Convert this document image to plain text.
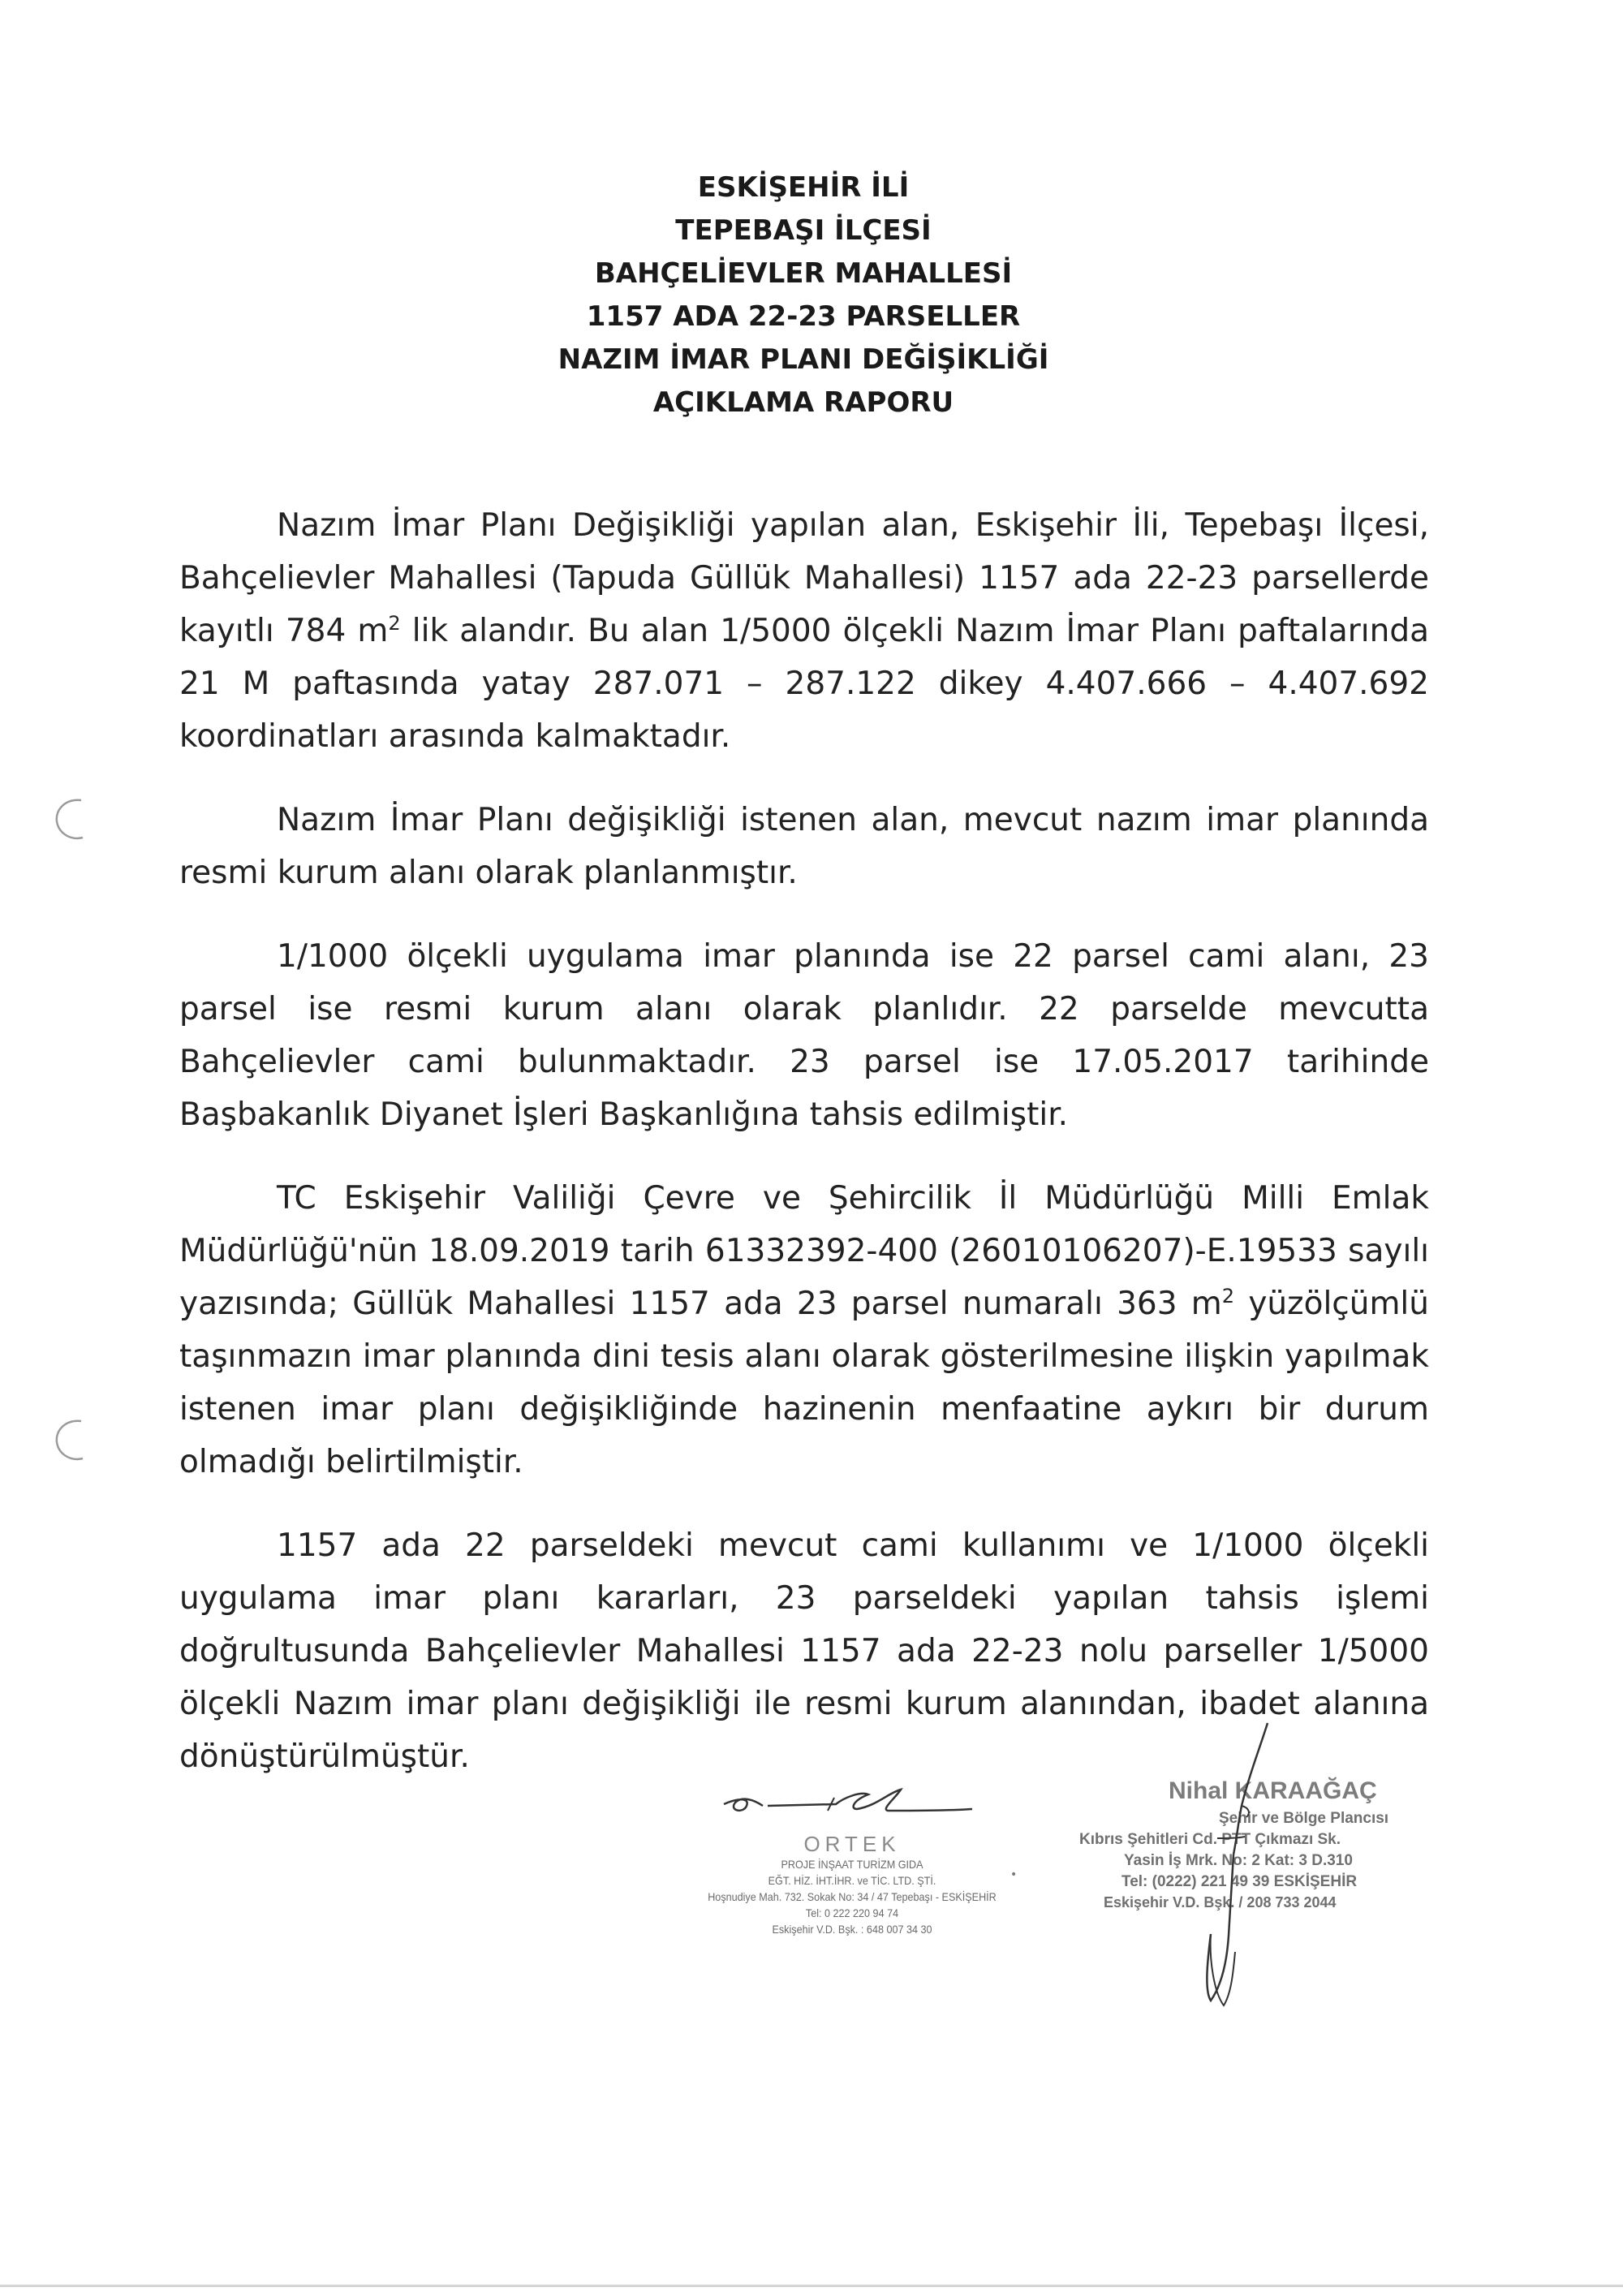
ESKİŞEHİR İLİ
TEPEBAŞI İLÇESİ
BAHÇELİEVLER MAHALLESİ
1157 ADA 22-23 PARSELLER
NAZIM İMAR PLANI DEĞİŞİKLİĞİ
AÇIKLAMA RAPORU

Nazım İmar Planı Değişikliği yapılan alan, Eskişehir İli, Tepebaşı İlçesi, Bahçelievler Mahallesi (Tapuda Güllük Mahallesi) 1157 ada 22-23 parsellerde kayıtlı 784 $m^2$ lik alandır. Bu alan 1/5000 ölçekli Nazım İmar Planı paftalarında 21 M paftasında yatay 287.071 – 287.122 dikey 4.407.666 – 4.407.692 koordinatları arasında kalmaktadır.

Nazım İmar Planı değişikliği istenen alan, mevcut nazım imar planında resmi kurum alanı olarak planlanmıştır.

1/1000 ölçekli uygulama imar planında ise 22 parsel cami alanı, 23 parsel ise resmi kurum alanı olarak planlıdır. 22 parselde mevcutta Bahçelievler cami bulunmaktadır. 23 parsel ise 17.05.2017 tarihinde Başbakanlık Diyanet İşleri Başkanlığına tahsis edilmiştir.

TC Eskişehir Valiliği Çevre ve Şehircilik İl Müdürlüğü Milli Emlak Müdürlüğü'nün 18.09.2019 tarih 61332392-400 (26010106207)-E.19533 sayılı yazısında; Güllük Mahallesi 1157 ada 23 parsel numaralı 363 $m^2$ yüzölçümlü taşınmazın imar planında dini tesis alanı olarak gösterilmesine ilişkin yapılmak istenen imar planı değişikliğinde hazinenin menfaatine aykırı bir durum olmadığı belirtilmiştir.

1157 ada 22 parseldeki mevcut cami kullanımı ve 1/1000 ölçekli uygulama imar planı kararları, 23 parseldeki yapılan tahsis işlemi doğrultusunda Bahçelievler Mahallesi 1157 ada 22-23 nolu parseller 1/5000 ölçekli Nazım imar planı değişikliği ile resmi kurum alanından, ibadet alanına dönüştürülmüştür.

ORTEK
PROJE İNŞAAT TURİZM GIDA
EĞT. HİZ. İHT.İHR. ve TİC. LTD. ŞTİ.
Hoşnudiye Mah. 732. Sokak No: 34 / 47 Tepebaşı - ESKİŞEHİR
Tel: 0 222 220 94 74
Eskişehir V.D. Bşk. : 648 007 34 30
•
Nihal KARAAĞAÇ
Şehir ve Bölge Plancısı
Kıbrıs Şehitleri Cd. PTT Çıkmazı Sk.
Yasin İş Mrk. No: 2 Kat: 3 D.310
Tel: (0222) 221 49 39 ESKİŞEHİR
Eskişehir V.D. Bşk. / 208 733 2044
